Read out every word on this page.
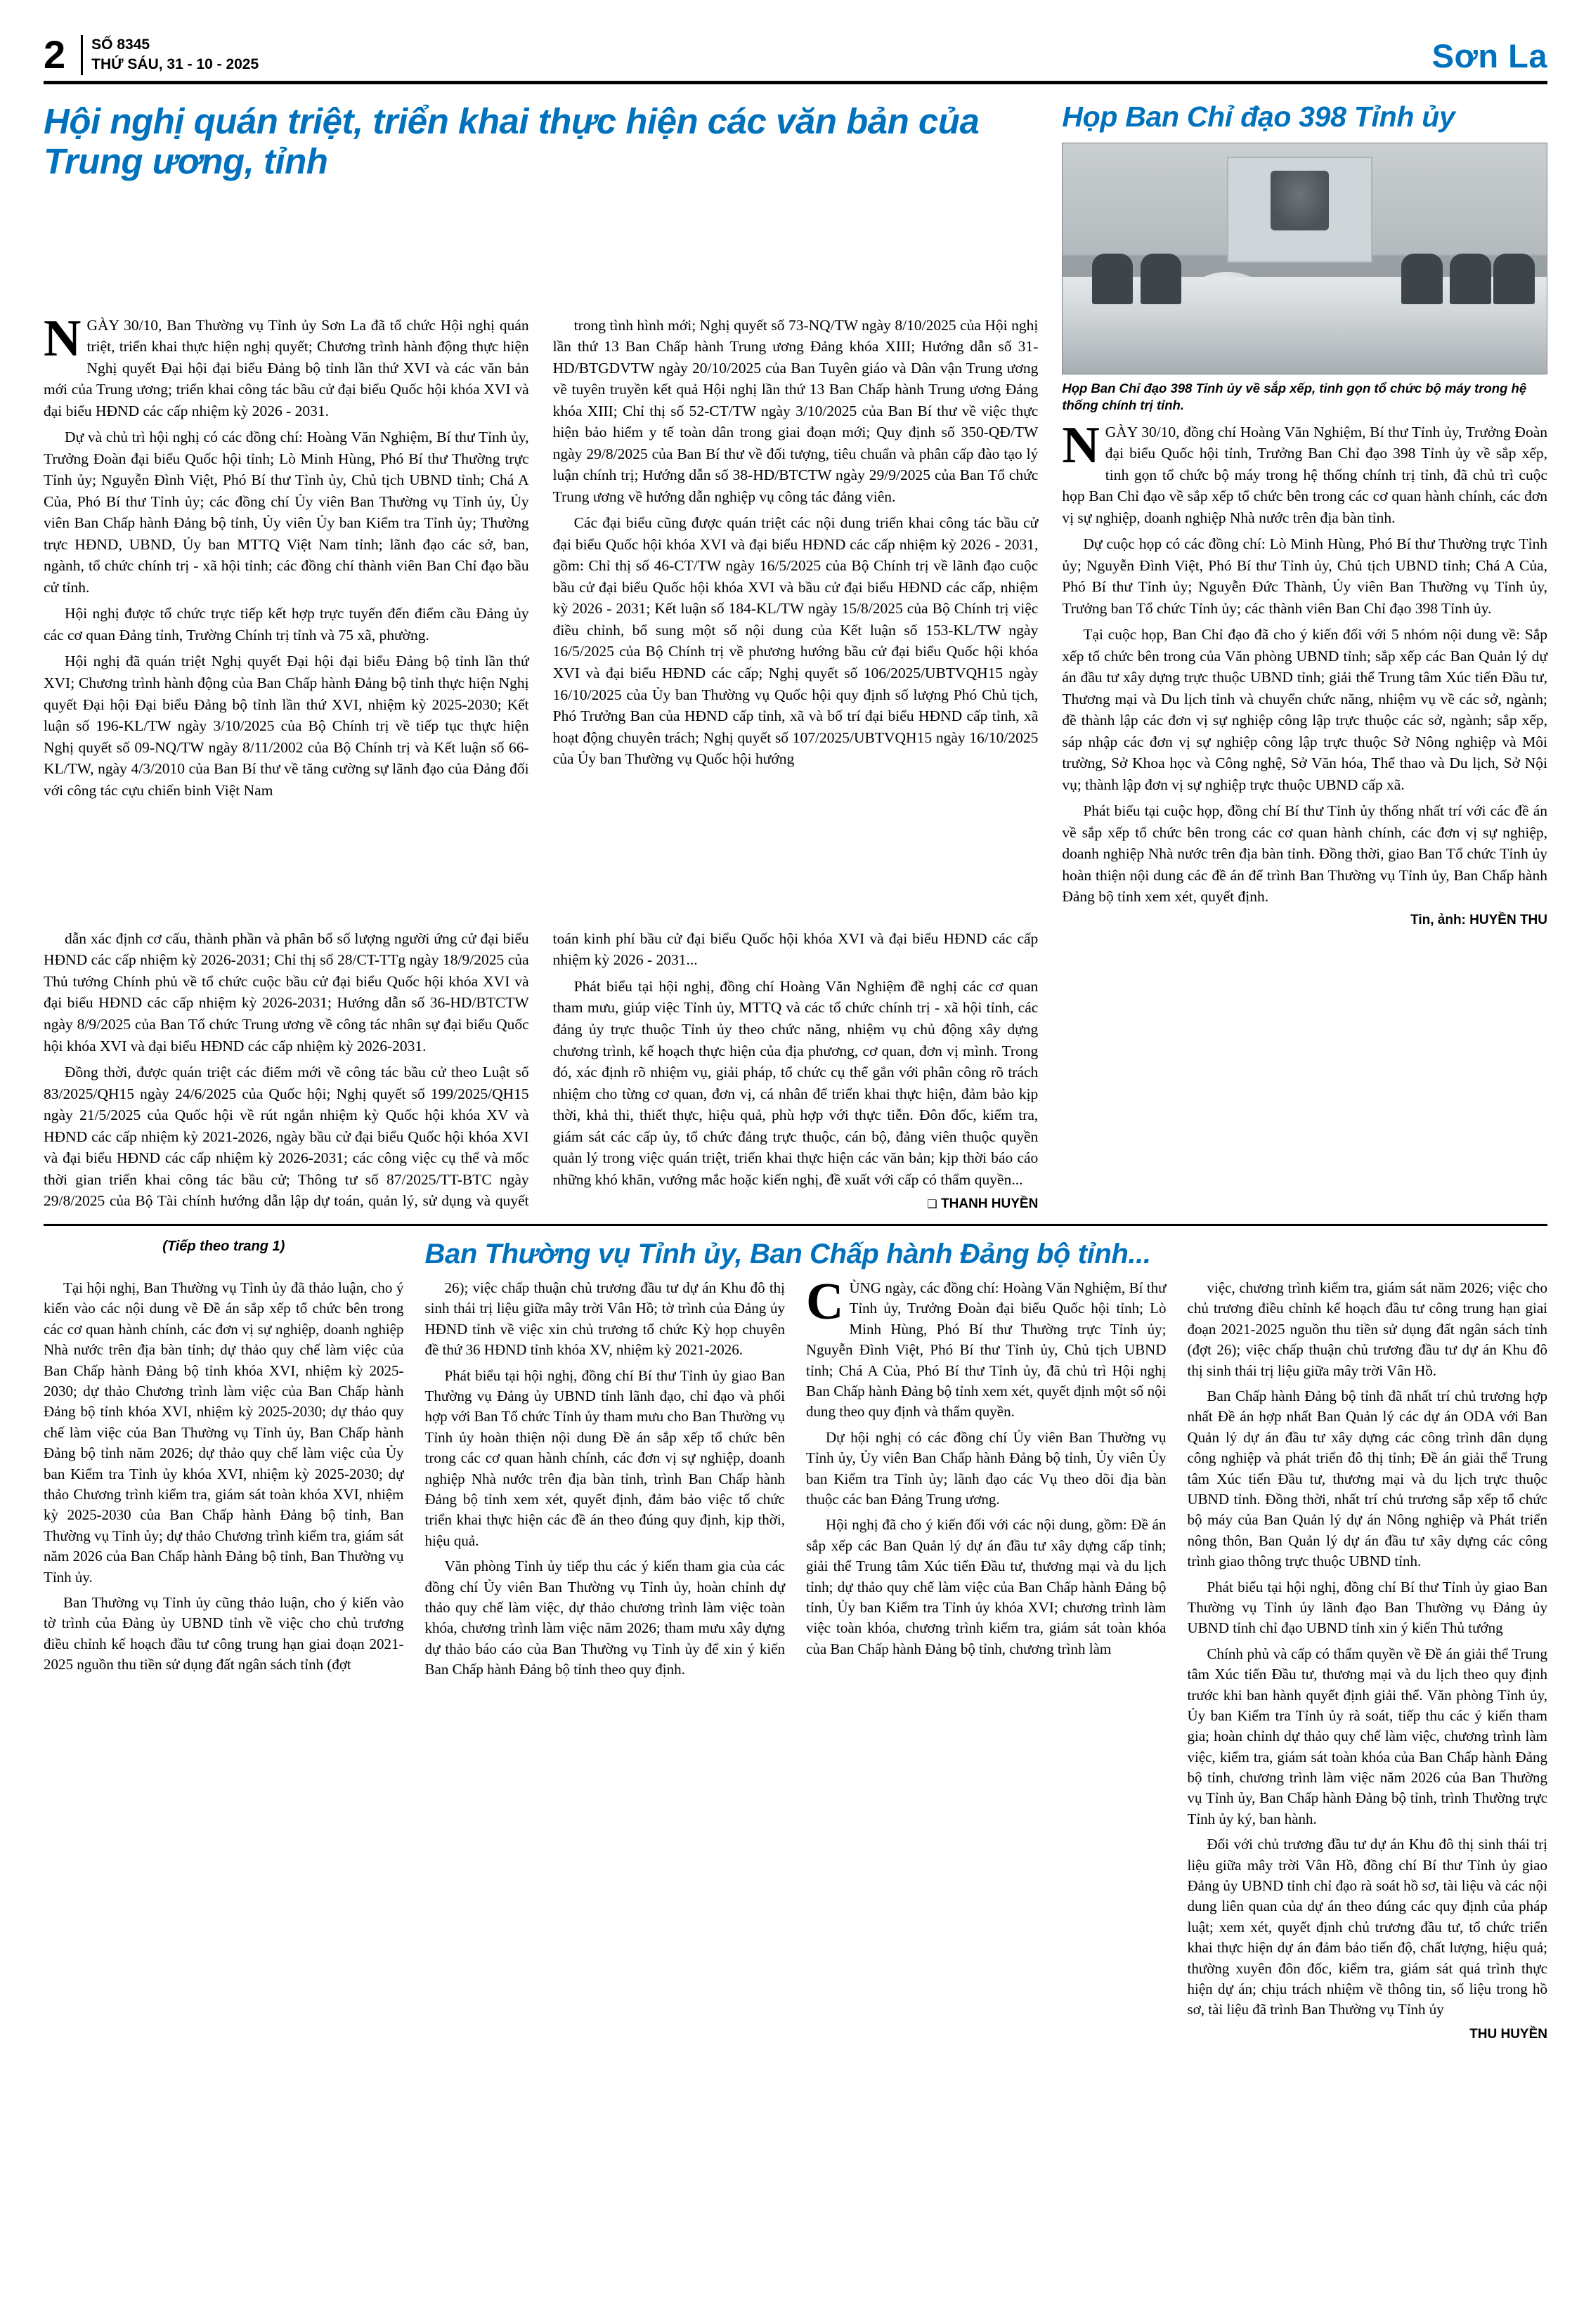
2	SỐ 8345
THỨ SÁU, 31 - 10 - 2025	Sơn La
Hội nghị quán triệt, triển khai thực hiện các văn bản của Trung ương, tỉnh
Họp Ban Chỉ đạo 398 Tỉnh ủy
Họp Ban Chỉ đạo 398 Tỉnh ủy về sắp xếp, tinh gọn tổ chức bộ máy trong hệ thống chính trị tỉnh.

NGÀY 30/10, đồng chí Hoàng Văn Nghiệm, Bí thư Tỉnh ủy, Trưởng Đoàn đại biểu Quốc hội tỉnh, Trưởng Ban Chỉ đạo 398 Tỉnh ủy về sắp xếp, tinh gọn tổ chức bộ máy trong hệ thống chính trị tỉnh, đã chủ trì cuộc họp Ban Chỉ đạo về sắp xếp tổ chức bên trong các cơ quan hành chính, các đơn vị sự nghiệp, doanh nghiệp Nhà nước trên địa bàn tỉnh.

Dự cuộc họp có các đồng chí: Lò Minh Hùng, Phó Bí thư Thường trực Tỉnh ủy; Nguyễn Đình Việt, Phó Bí thư Tỉnh ủy, Chủ tịch UBND tỉnh; Chá A Của, Phó Bí thư Tỉnh ủy; Nguyễn Đức Thành, Ủy viên Ban Thường vụ Tỉnh ủy, Trưởng ban Tổ chức Tỉnh ủy; các thành viên Ban Chỉ đạo 398 Tỉnh ủy.

Tại cuộc họp, Ban Chỉ đạo đã cho ý kiến đối với 5 nhóm nội dung về: Sắp xếp tổ chức bên trong của Văn phòng UBND tỉnh; sắp xếp các Ban Quản lý dự án đầu tư xây dựng trực thuộc UBND tỉnh; giải thể Trung tâm Xúc tiến Đầu tư, Thương mại và Du lịch tỉnh và chuyển chức năng, nhiệm vụ về các sở, ngành; đề thành lập các đơn vị sự nghiệp công lập trực thuộc các sở, ngành; sắp xếp, sáp nhập các đơn vị sự nghiệp công lập trực thuộc Sở Nông nghiệp và Môi trường, Sở Khoa học và Công nghệ, Sở Văn hóa, Thể thao và Du lịch, Sở Nội vụ; thành lập đơn vị sự nghiệp trực thuộc UBND cấp xã.

Phát biểu tại cuộc họp, đồng chí Bí thư Tỉnh ủy thống nhất trí với các đề án về sắp xếp tổ chức bên trong các cơ quan hành chính, các đơn vị sự nghiệp, doanh nghiệp Nhà nước trên địa bàn tỉnh. Đồng thời, giao Ban Tổ chức Tỉnh ủy hoàn thiện nội dung các đề án để trình Ban Thường vụ Tỉnh ủy, Ban Chấp hành Đảng bộ tỉnh xem xét, quyết định.

Tin, ảnh: HUYỀN THU

NGÀY 30/10, Ban Thường vụ Tỉnh ủy Sơn La đã tổ chức Hội nghị quán triệt, triển khai thực hiện nghị quyết; Chương trình hành động thực hiện Nghị quyết Đại hội đại biểu Đảng bộ tỉnh lần thứ XVI và các văn bản mới của Trung ương; triển khai công tác bầu cử đại biểu Quốc hội khóa XVI và đại biểu HĐND các cấp nhiệm kỳ 2026 - 2031.

Dự và chủ trì hội nghị có các đồng chí: Hoàng Văn Nghiệm, Bí thư Tỉnh ủy, Trưởng Đoàn đại biểu Quốc hội tỉnh; Lò Minh Hùng, Phó Bí thư Thường trực Tỉnh ủy; Nguyễn Đình Việt, Phó Bí thư Tỉnh ủy, Chủ tịch UBND tỉnh; Chá A Của, Phó Bí thư Tỉnh ủy; các đồng chí Ủy viên Ban Thường vụ Tỉnh ủy, Ủy viên Ban Chấp hành Đảng bộ tỉnh, Ủy viên Ủy ban Kiểm tra Tỉnh ủy; Thường trực HĐND, UBND, Ủy ban MTTQ Việt Nam tỉnh; lãnh đạo các sở, ban, ngành, tổ chức chính trị - xã hội tỉnh; các đồng chí thành viên Ban Chỉ đạo bầu cử tỉnh.

Hội nghị được tổ chức trực tiếp kết hợp trực tuyến đến điểm cầu Đảng ủy các cơ quan Đảng tỉnh, Trường Chính trị tỉnh và 75 xã, phường.

Hội nghị đã quán triệt Nghị quyết Đại hội đại biểu Đảng bộ tỉnh lần thứ XVI; Chương trình hành động của Ban Chấp hành Đảng bộ tỉnh thực hiện Nghị quyết Đại hội Đại biểu Đảng bộ tỉnh lần thứ XVI, nhiệm kỳ 2025-2030; Kết luận số 196-KL/TW ngày 3/10/2025 của Bộ Chính trị về tiếp tục thực hiện Nghị quyết số 09-NQ/TW ngày 8/11/2002 của Bộ Chính trị và Kết luận số 66-KL/TW, ngày 4/3/2010 của Ban Bí thư về tăng cường sự lãnh đạo của Đảng đối với công tác cựu chiến binh Việt Nam

trong tình hình mới; Nghị quyết số 73-NQ/TW ngày 8/10/2025 của Hội nghị lần thứ 13 Ban Chấp hành Trung ương Đảng khóa XIII; Hướng dẫn số 31-HD/BTGDVTW ngày 20/10/2025 của Ban Tuyên giáo và Dân vận Trung ương về tuyên truyền kết quả Hội nghị lần thứ 13 Ban Chấp hành Trung ương Đảng khóa XIII; Chỉ thị số 52-CT/TW ngày 3/10/2025 của Ban Bí thư về việc thực hiện bảo hiểm y tế toàn dân trong giai đoạn mới; Quy định số 350-QĐ/TW ngày 29/8/2025 của Ban Bí thư về đối tượng, tiêu chuẩn và phân cấp đào tạo lý luận chính trị; Hướng dẫn số 38-HD/BTCTW ngày 29/9/2025 của Ban Tổ chức Trung ương về hướng dẫn nghiệp vụ công tác đảng viên.

Các đại biểu cũng được quán triệt các nội dung triển khai công tác bầu cử đại biểu Quốc hội khóa XVI và đại biểu HĐND các cấp nhiệm kỳ 2026 - 2031, gồm: Chỉ thị số 46-CT/TW ngày 16/5/2025 của Bộ Chính trị về lãnh đạo cuộc bầu cử đại biểu Quốc hội khóa XVI và bầu cử đại biểu HĐND các cấp, nhiệm kỳ 2026 - 2031; Kết luận số 184-KL/TW ngày 15/8/2025 của Bộ Chính trị việc điều chỉnh, bổ sung một số nội dung của Kết luận số 153-KL/TW ngày 16/5/2025 của Bộ Chính trị về phương hướng bầu cử đại biểu Quốc hội khóa XVI và đại biểu HĐND các cấp; Nghị quyết số 106/2025/UBTVQH15 ngày 16/10/2025 của Ủy ban Thường vụ Quốc hội quy định số lượng Phó Chủ tịch, Phó Trưởng Ban của HĐND cấp tỉnh, xã và bố trí đại biểu HĐND cấp tỉnh, xã hoạt động chuyên trách; Nghị quyết số 107/2025/UBTVQH15 ngày 16/10/2025 của Ủy ban Thường vụ Quốc hội hướng

dẫn xác định cơ cấu, thành phần và phân bổ số lượng người ứng cử đại biểu HĐND các cấp nhiệm kỳ 2026-2031; Chỉ thị số 28/CT-TTg ngày 18/9/2025 của Thủ tướng Chính phủ về tổ chức cuộc bầu cử đại biểu Quốc hội khóa XVI và đại biểu HĐND các cấp nhiệm kỳ 2026-2031; Hướng dẫn số 36-HD/BTCTW ngày 8/9/2025 của Ban Tổ chức Trung ương về công tác nhân sự đại biểu Quốc hội khóa XVI và đại biểu HĐND các cấp nhiệm kỳ 2026-2031.

Đồng thời, được quán triệt các điểm mới về công tác bầu cử theo Luật số 83/2025/QH15 ngày 24/6/2025 của Quốc hội; Nghị quyết số 199/2025/QH15 ngày 21/5/2025 của Quốc hội về rút ngắn nhiệm kỳ Quốc hội khóa XV và HĐND các cấp nhiệm kỳ 2021-2026, ngày bầu cử đại biểu Quốc hội khóa XVI và đại biểu HĐND các cấp nhiệm kỳ 2026-2031; các công việc cụ thể và mốc thời gian triển khai công tác bầu cử; Thông tư số 87/2025/TT-BTC ngày 29/8/2025 của Bộ Tài chính hướng dẫn lập dự toán, quản lý, sử dụng và quyết toán kinh phí bầu cử đại biểu Quốc hội khóa XVI và đại biểu HĐND các cấp nhiệm kỳ 2026 - 2031...

Phát biểu tại hội nghị, đồng chí Hoàng Văn Nghiệm đề nghị các cơ quan tham mưu, giúp việc Tỉnh ủy, MTTQ và các tổ chức chính trị - xã hội tỉnh, các đảng ủy trực thuộc Tỉnh ủy theo chức năng, nhiệm vụ chủ động xây dựng chương trình, kế hoạch thực hiện của địa phương, cơ quan, đơn vị mình. Trong đó, xác định rõ nhiệm vụ, giải pháp, tổ chức cụ thể gắn với phân công rõ trách nhiệm cho từng cơ quan, đơn vị, cá nhân để triển khai thực hiện, đảm bảo kịp thời, khả thi, thiết thực, hiệu quả, phù hợp với thực tiễn. Đôn đốc, kiểm tra, giám sát các cấp ủy, tổ chức đảng trực thuộc, cán bộ, đảng viên thuộc quyền quản lý trong việc quán triệt, triển khai thực hiện các văn bản; kịp thời báo cáo những khó khăn, vướng mắc hoặc kiến nghị, đề xuất với cấp có thẩm quyền...

❑ THANH HUYỀN
(Tiếp theo trang 1)	Ban Thường vụ Tỉnh ủy, Ban Chấp hành Đảng bộ tỉnh...

Tại hội nghị, Ban Thường vụ Tỉnh ủy đã thảo luận, cho ý kiến vào các nội dung về Đề án sắp xếp tổ chức bên trong các cơ quan hành chính, các đơn vị sự nghiệp, doanh nghiệp Nhà nước trên địa bàn tỉnh; dự thảo quy chế làm việc của Ban Chấp hành Đảng bộ tỉnh khóa XVI, nhiệm kỳ 2025-2030; dự thảo Chương trình làm việc của Ban Chấp hành Đảng bộ tỉnh khóa XVI, nhiệm kỳ 2025-2030; dự thảo quy chế làm việc của Ban Thường vụ Tỉnh ủy, Ban Chấp hành Đảng bộ tỉnh năm 2026; dự thảo quy chế làm việc của Ủy ban Kiểm tra Tỉnh ủy khóa XVI, nhiệm kỳ 2025-2030; dự thảo Chương trình kiểm tra, giám sát toàn khóa XVI, nhiệm kỳ 2025-2030 của Ban Chấp hành Đảng bộ tỉnh, Ban Thường vụ Tỉnh ủy; dự thảo Chương trình kiểm tra, giám sát năm 2026 của Ban Chấp hành Đảng bộ tỉnh, Ban Thường vụ Tỉnh ủy.

Ban Thường vụ Tỉnh ủy cũng thảo luận, cho ý kiến vào tờ trình của Đảng ủy UBND tỉnh về việc cho chủ trương điều chỉnh kế hoạch đầu tư công trung hạn giai đoạn 2021-2025 nguồn thu tiền sử dụng đất ngân sách tỉnh (đợt

26); việc chấp thuận chủ trương đầu tư dự án Khu đô thị sinh thái trị liệu giữa mây trời Vân Hồ; tờ trình của Đảng ủy HĐND tỉnh về việc xin chủ trương tổ chức Kỳ họp chuyên đề thứ 36 HĐND tỉnh khóa XV, nhiệm kỳ 2021-2026.

Phát biểu tại hội nghị, đồng chí Bí thư Tỉnh ủy giao Ban Thường vụ Đảng ủy UBND tỉnh lãnh đạo, chỉ đạo và phối hợp với Ban Tổ chức Tỉnh ủy tham mưu cho Ban Thường vụ Tỉnh ủy hoàn thiện nội dung Đề án sắp xếp tổ chức bên trong các cơ quan hành chính, các đơn vị sự nghiệp, doanh nghiệp Nhà nước trên địa bàn tỉnh, trình Ban Chấp hành Đảng bộ tỉnh xem xét, quyết định, đảm bảo việc tổ chức triển khai thực hiện các đề án theo đúng quy định, kịp thời, hiệu quả.

Văn phòng Tỉnh ủy tiếp thu các ý kiến tham gia của các đồng chí Ủy viên Ban Thường vụ Tỉnh ủy, hoàn chỉnh dự thảo quy chế làm việc, dự thảo chương trình làm việc toàn khóa, chương trình làm việc năm 2026; tham mưu xây dựng dự thảo báo cáo của Ban Thường vụ Tỉnh ủy để xin ý kiến Ban Chấp hành Đảng bộ tỉnh theo quy định.

CÙNG ngày, các đồng chí: Hoàng Văn Nghiệm, Bí thư Tỉnh ủy, Trưởng Đoàn đại biểu Quốc hội tỉnh; Lò Minh Hùng, Phó Bí thư Thường trực Tỉnh ủy; Nguyễn Đình Việt, Phó Bí thư Tỉnh ủy, Chủ tịch UBND tỉnh; Chá A Của, Phó Bí thư Tỉnh ủy, đã chủ trì Hội nghị Ban Chấp hành Đảng bộ tỉnh xem xét, quyết định một số nội dung theo quy định và thẩm quyền.

Dự hội nghị có các đồng chí Ủy viên Ban Thường vụ Tỉnh ủy, Ủy viên Ban Chấp hành Đảng bộ tỉnh, Ủy viên Ủy ban Kiểm tra Tỉnh ủy; lãnh đạo các Vụ theo dõi địa bàn thuộc các ban Đảng Trung ương.

Hội nghị đã cho ý kiến đối với các nội dung, gồm: Đề án sắp xếp các Ban Quản lý dự án đầu tư xây dựng cấp tỉnh; giải thể Trung tâm Xúc tiến Đầu tư, thương mại và du lịch tỉnh; dự thảo quy chế làm việc của Ban Chấp hành Đảng bộ tỉnh, Ủy ban Kiểm tra Tỉnh ủy khóa XVI; chương trình làm việc toàn khóa, chương trình kiểm tra, giám sát toàn khóa của Ban Chấp hành Đảng bộ tỉnh, chương trình làm

việc, chương trình kiểm tra, giám sát năm 2026; việc cho chủ trương điều chỉnh kế hoạch đầu tư công trung hạn giai đoạn 2021-2025 nguồn thu tiền sử dụng đất ngân sách tỉnh (đợt 26); việc chấp thuận chủ trương đầu tư dự án Khu đô thị sinh thái trị liệu giữa mây trời Vân Hồ.

Ban Chấp hành Đảng bộ tỉnh đã nhất trí chủ trương hợp nhất Đề án hợp nhất Ban Quản lý các dự án ODA với Ban Quản lý dự án đầu tư xây dựng các công trình dân dụng công nghiệp và phát triển đô thị tỉnh; Đề án giải thể Trung tâm Xúc tiến Đầu tư, thương mại và du lịch trực thuộc UBND tỉnh. Đồng thời, nhất trí chủ trương sắp xếp tổ chức bộ máy của Ban Quản lý dự án Nông nghiệp và Phát triển nông thôn, Ban Quản lý dự án đầu tư xây dựng các công trình giao thông trực thuộc UBND tỉnh.

Phát biểu tại hội nghị, đồng chí Bí thư Tỉnh ủy giao Ban Thường vụ Tỉnh ủy lãnh đạo Ban Thường vụ Đảng ủy UBND tỉnh chỉ đạo UBND tỉnh xin ý kiến Thủ tướng

Chính phủ và cấp có thẩm quyền về Đề án giải thể Trung tâm Xúc tiến Đầu tư, thương mại và du lịch theo quy định trước khi ban hành quyết định giải thể. Văn phòng Tỉnh ủy, Ủy ban Kiểm tra Tỉnh ủy rà soát, tiếp thu các ý kiến tham gia; hoàn chỉnh dự thảo quy chế làm việc, chương trình làm việc, kiểm tra, giám sát toàn khóa của Ban Chấp hành Đảng bộ tỉnh, chương trình làm việc năm 2026 của Ban Thường vụ Tỉnh ủy, Ban Chấp hành Đảng bộ tỉnh, trình Thường trực Tỉnh ủy ký, ban hành.

Đối với chủ trương đầu tư dự án Khu đô thị sinh thái trị liệu giữa mây trời Vân Hồ, đồng chí Bí thư Tỉnh ủy giao Đảng ủy UBND tỉnh chỉ đạo rà soát hồ sơ, tài liệu và các nội dung liên quan của dự án theo đúng các quy định của pháp luật; xem xét, quyết định chủ trương đầu tư, tổ chức triển khai thực hiện dự án đảm bảo tiến độ, chất lượng, hiệu quả; thường xuyên đôn đốc, kiểm tra, giám sát quá trình thực hiện dự án; chịu trách nhiệm về thông tin, số liệu trong hồ sơ, tài liệu đã trình Ban Thường vụ Tỉnh ủy

THU HUYỀN
